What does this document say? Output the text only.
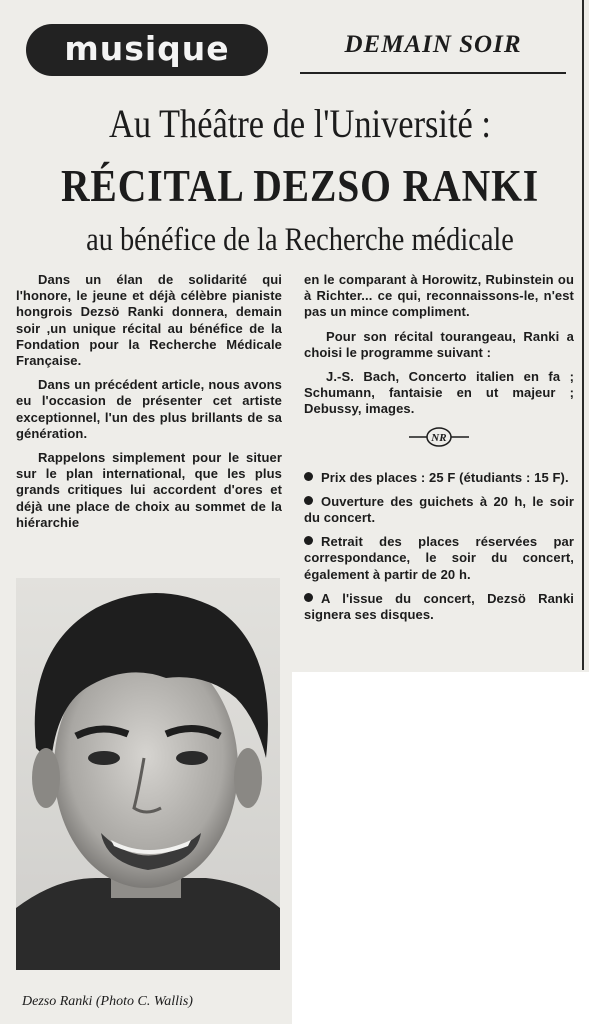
musique	DEMAIN SOIR
Au Théâtre de l'Université :
RÉCITAL DEZSO RANKI
au bénéfice de la Recherche médicale

Dans un élan de solidarité qui l'honore, le jeune et déjà célèbre pianiste hongrois Dezsö Ranki donnera, demain soir ,un unique récital au bénéfice de la Fondation pour la Recherche Médicale Française.

Dans un précédent article, nous avons eu l'occasion de présenter cet artiste exceptionnel, l'un des plus brillants de sa génération.

Rappelons simplement pour le situer sur le plan international, que les plus grands critiques lui accordent d'ores et déjà une place de choix au sommet de la hiérarchie

en le comparant à Horowitz, Rubinstein ou à Richter... ce qui, reconnaissons-le, n'est pas un mince compliment.

Pour son récital tourangeau, Ranki a choisi le programme suivant :

J.-S. Bach, Concerto italien en fa ; Schumann, fantaisie en ut majeur ; Debussy, images.

NR

Prix des places : 25 F (étudiants : 15 F).

Ouverture des guichets à 20 h, le soir du concert.

Retrait des places réservées par correspondance, le soir du concert, également à partir de 20 h.

A l'issue du concert, Dezsö Ranki signera ses disques.

Dezso Ranki (Photo C. Wallis)
